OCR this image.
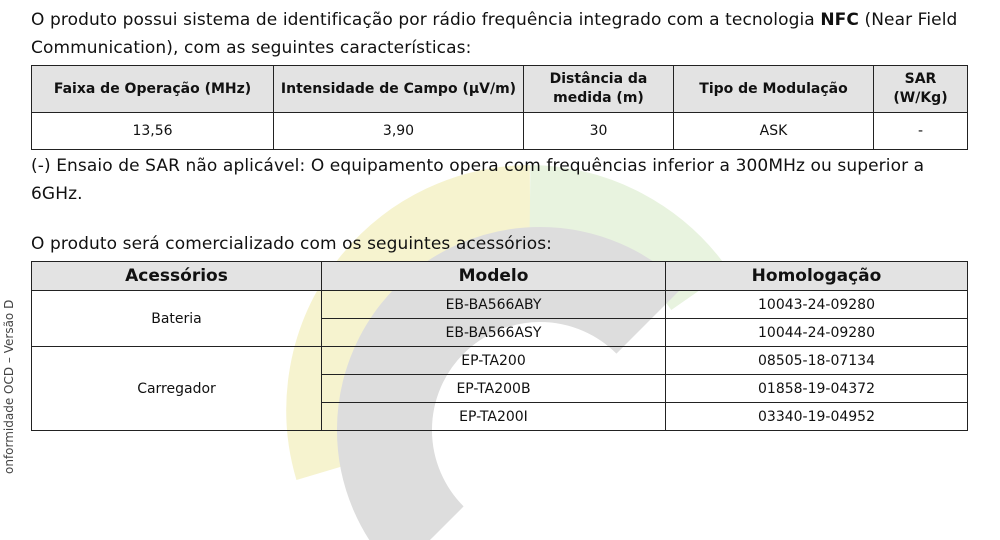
O produto possui sistema de identificação por rádio frequência integrado com a tecnologia NFC (Near Field Communication), com as seguintes características:

Faixa de Operação (MHz)	Intensidade de Campo (µV/m)	Distância da medida (m)	Tipo de Modulação	SAR (W/Kg)
13,56	3,90	30	ASK	-

(-) Ensaio de SAR não aplicável: O equipamento opera com frequências inferior a 300MHz ou superior a 6GHz.

O produto será comercializado com os seguintes acessórios:

Acessórios	Modelo	Homologação
Bateria	EB-BA566ABY	10043-24-09280
	EB-BA566ASY	10044-24-09280
Carregador	EP-TA200	08505-18-07134
	EP-TA200B	01858-19-04372
	EP-TA200I	03340-19-04952
onformidade OCD – Versão D
